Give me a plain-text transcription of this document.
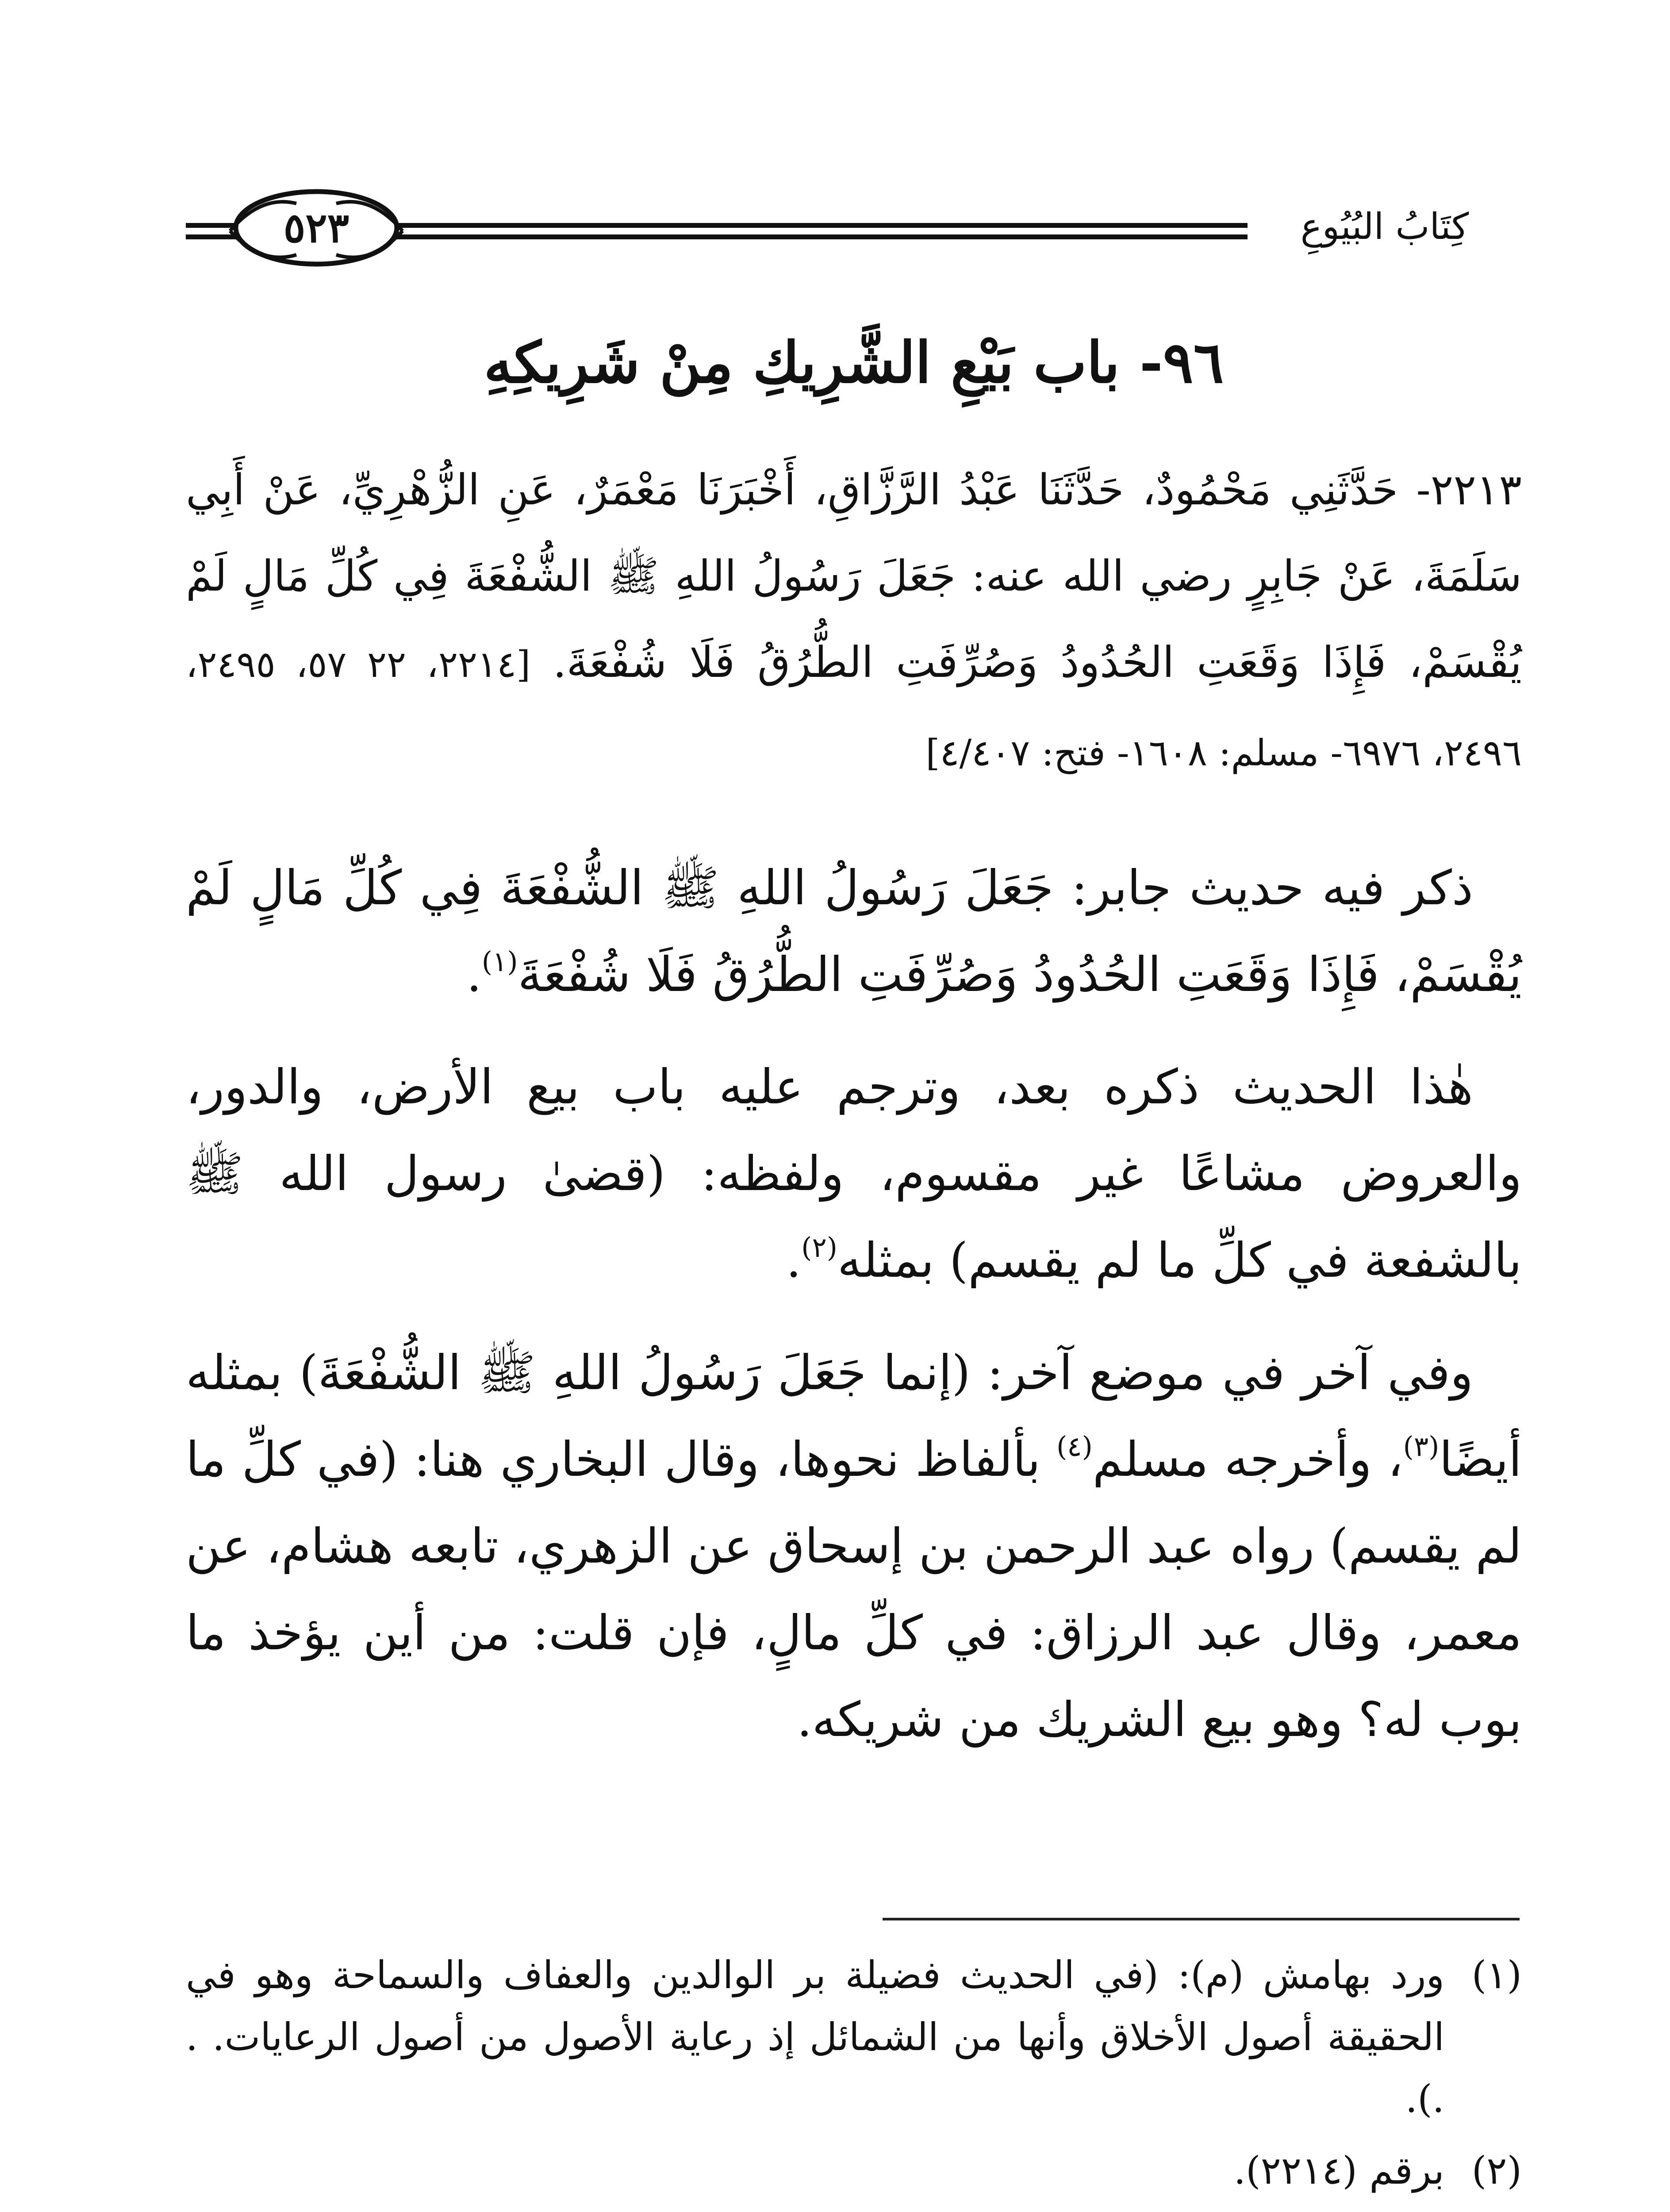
كِتَابُ البُيُوعِ
٥٢٣
٩٦- باب بَيْعِ الشَّرِيكِ مِنْ شَرِيكِهِ
٢٢١٣- حَدَّثَنِي مَحْمُودٌ، حَدَّثَنَا عَبْدُ الرَّزَّاقِ، أَخْبَرَنَا مَعْمَرٌ، عَنِ الزُّهْرِيِّ، عَنْ أَبِي سَلَمَةَ، عَنْ جَابِرٍ رضي الله عنه: جَعَلَ رَسُولُ اللهِ ﷺ الشُّفْعَةَ فِي كُلِّ مَالٍ لَمْ يُقْسَمْ، فَإِذَا وَقَعَتِ الحُدُودُ وَصُرِّفَتِ الطُّرُقُ فَلَا شُفْعَةَ. [٢٢١٤، ٢٢ ٥٧، ٢٤٩٥، ٢٤٩٦، ٦٩٧٦- مسلم: ١٦٠٨- فتح: ٤/٤٠٧]

ذكر فيه حديث جابر: جَعَلَ رَسُولُ اللهِ ﷺ الشُّفْعَةَ فِي كُلِّ مَالٍ لَمْ يُقْسَمْ، فَإِذَا وَقَعَتِ الحُدُودُ وَصُرِّفَتِ الطُّرُقُ فَلَا شُفْعَةَ$^{(١)}$.

هٰذا الحديث ذكره بعد، وترجم عليه باب بيع الأرض، والدور، والعروض مشاعًا غير مقسوم، ولفظه: (قضىٰ رسول الله ﷺ بالشفعة في كلِّ ما لم يقسم) بمثله$^{(٢)}$.

وفي آخر في موضع آخر: (إنما جَعَلَ رَسُولُ اللهِ ﷺ الشُّفْعَةَ) بمثله أيضًا$^{(٣)}$، وأخرجه مسلم$^{(٤)}$ بألفاظ نحوها، وقال البخاري هنا: (في كلِّ ما لم يقسم) رواه عبد الرحمن بن إسحاق عن الزهري، تابعه هشام، عن معمر، وقال عبد الرزاق: في كلِّ مالٍ، فإن قلت: من أين يؤخذ ما بوب له؟ وهو بيع الشريك من شريكه.

(١)
ورد بهامش (م): (في الحديث فضيلة بر الوالدين والعفاف والسماحة وهو في الحقيقة أصول الأخلاق وأنها من الشمائل إذ رعاية الأصول من أصول الرعايات. . .).
(٢)
برقم (٢٢١٤).
